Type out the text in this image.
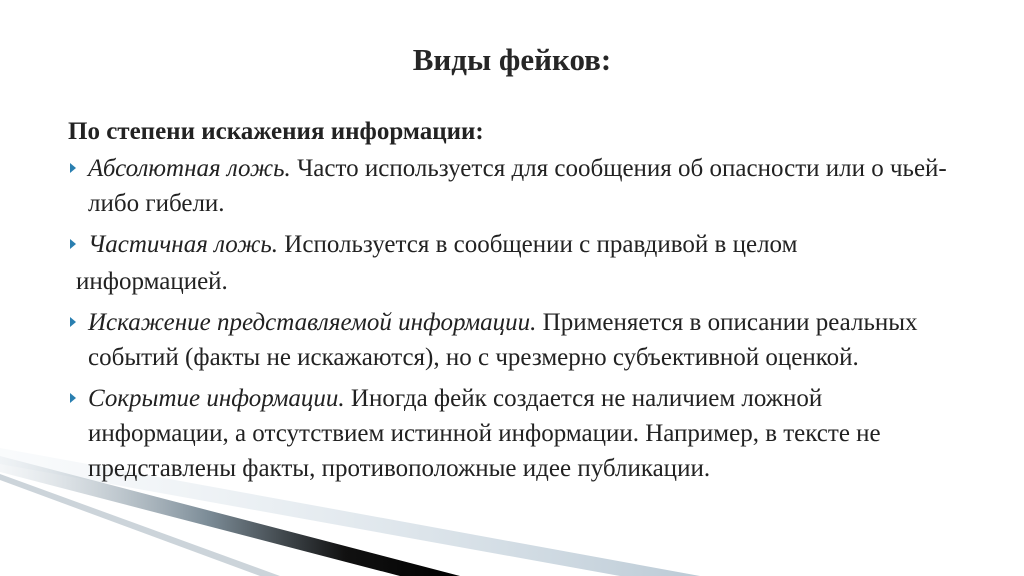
Виды фейков:
По степени искажения информации:
Абсолютная ложь. Часто используется для сообщения об опасности или о чьей-либо гибели.
Частичная ложь. Используется в сообщении с правдивой в целом
информацией.
Искажение представляемой информации. Применяется в описании реальных событий (факты не искажаются), но с чрезмерно субъективной оценкой.
Сокрытие информации. Иногда фейк создается не наличием ложной информации, а отсутствием истинной информации. Например, в тексте не представлены факты, противоположные идее публикации.
